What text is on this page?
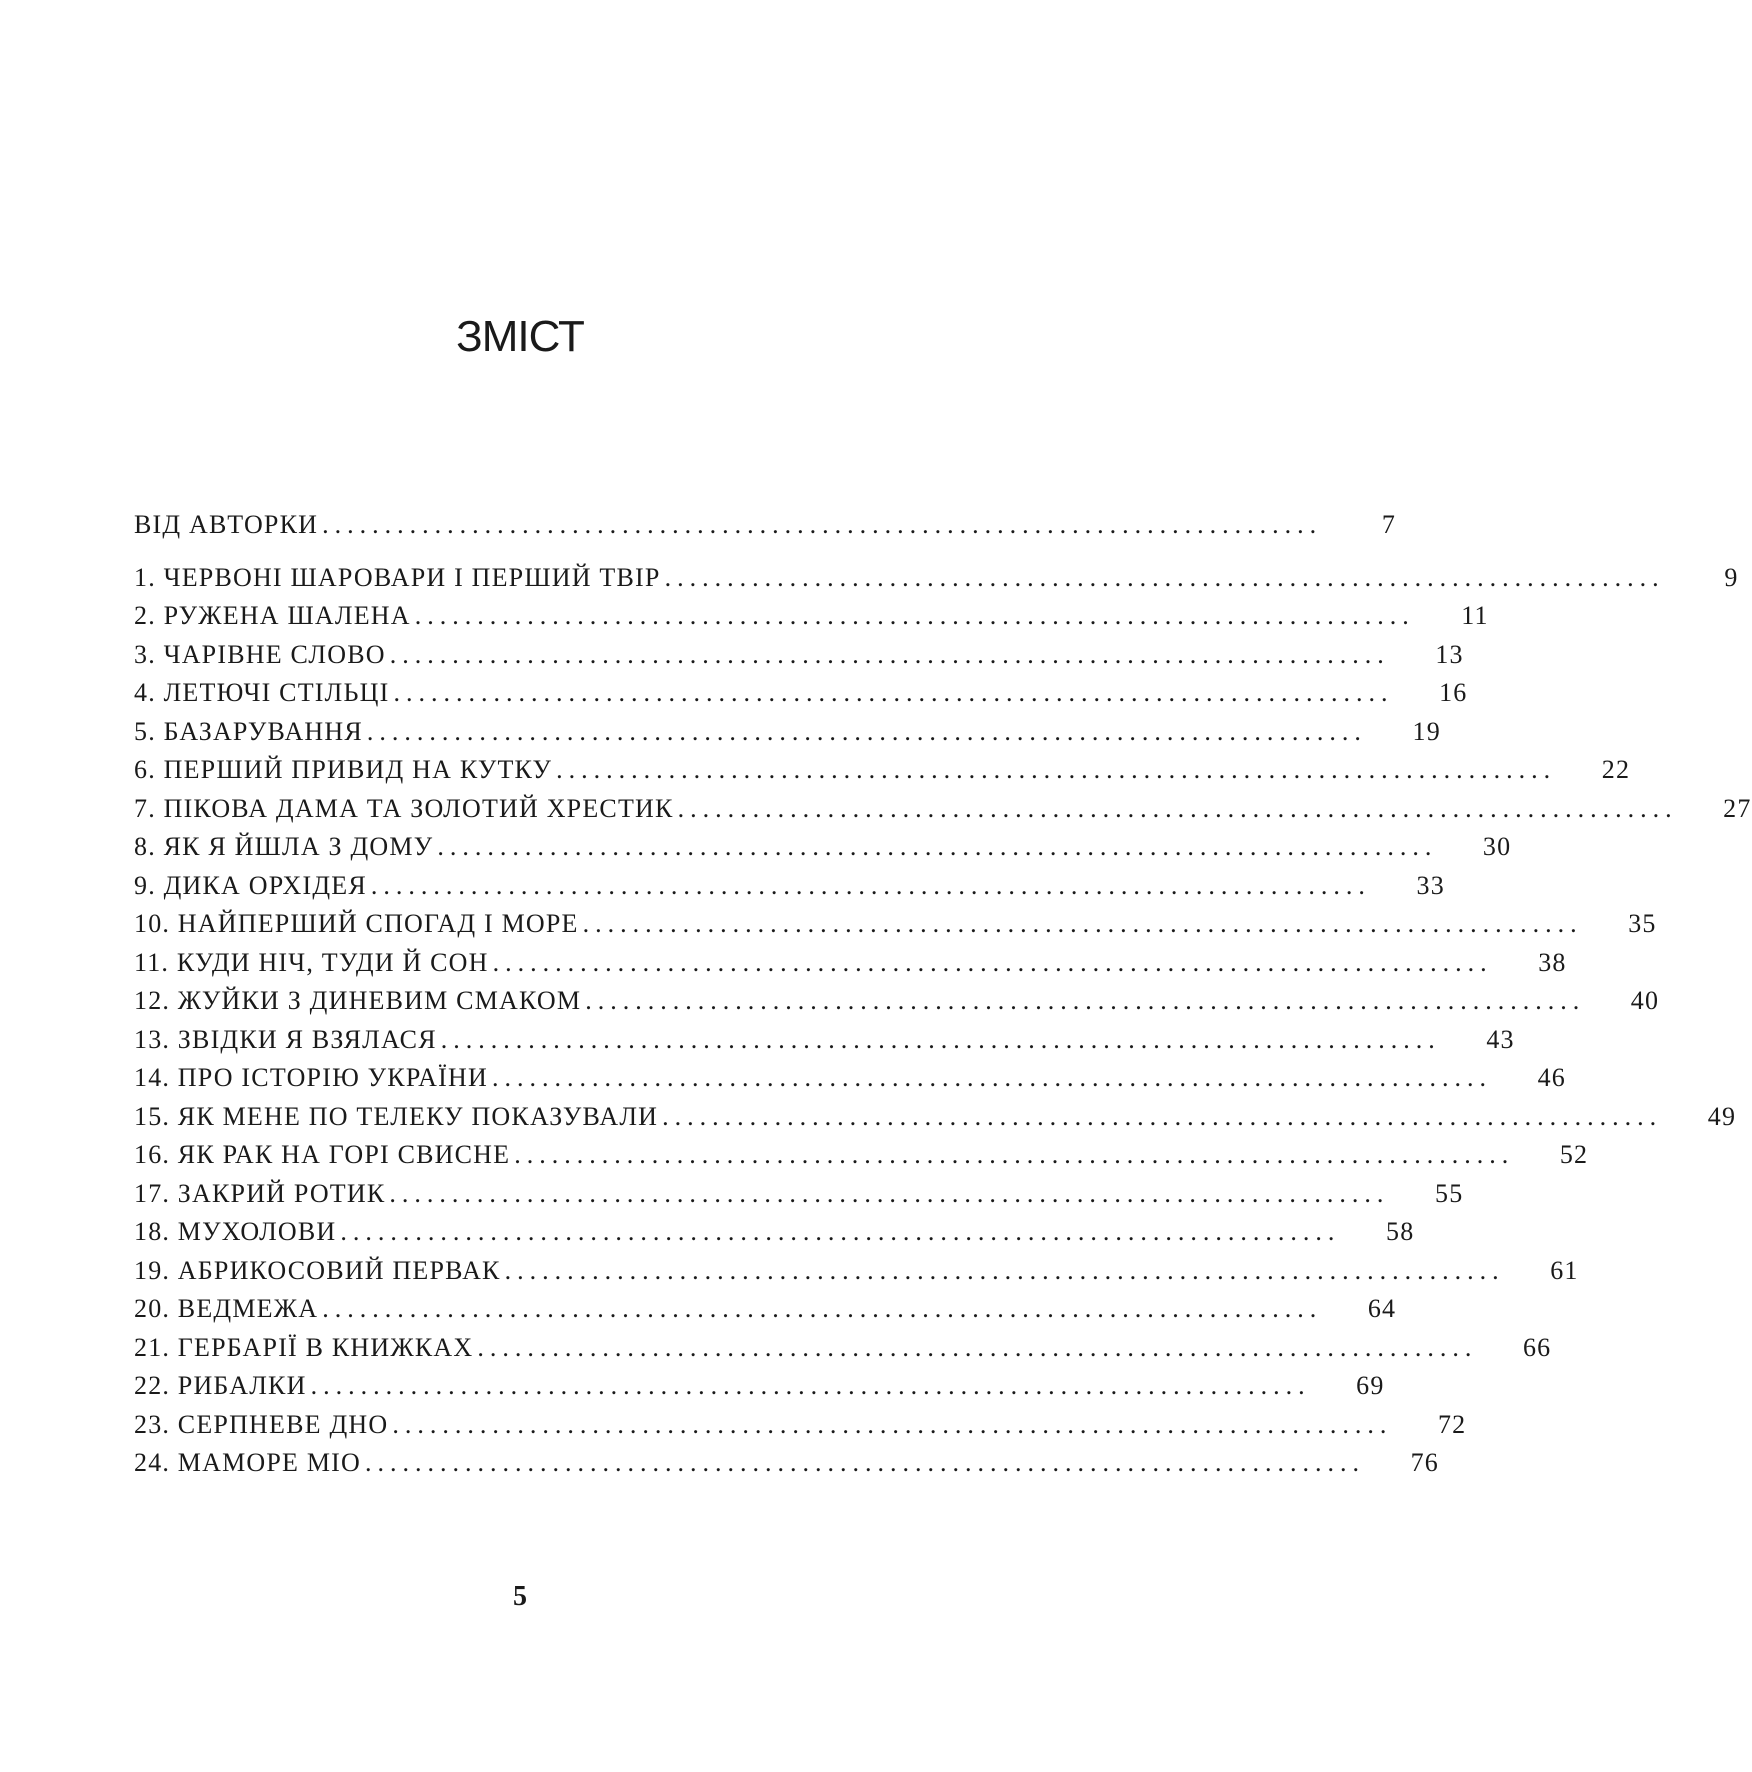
ЗМІСТ
ВІД АВТОРКИ ................................................................................	7
1. ЧЕРВОНІ ШАРОВАРИ І ПЕРШИЙ ТВІР ................................................................................	9
2. РУЖЕНА ШАЛЕНА ................................................................................	11
3. ЧАРІВНЕ СЛОВО ................................................................................	13
4. ЛЕТЮЧІ СТІЛЬЦІ ................................................................................	16
5. БАЗАРУВАННЯ ................................................................................	19
6. ПЕРШИЙ ПРИВИД НА КУТКУ ................................................................................	22
7. ПІКОВА ДАМА ТА ЗОЛОТИЙ ХРЕСТИК ................................................................................	27
8. ЯК Я ЙШЛА З ДОМУ ................................................................................	30
9. ДИКА ОРХІДЕЯ ................................................................................	33
10. НАЙПЕРШИЙ СПОГАД І МОРЕ ................................................................................	35
11. КУДИ НІЧ, ТУДИ Й СОН ................................................................................	38
12. ЖУЙКИ З ДИНЕВИМ СМАКОМ ................................................................................	40
13. ЗВІДКИ Я ВЗЯЛАСЯ ................................................................................	43
14. ПРО ІСТОРІЮ УКРАЇНИ ................................................................................	46
15. ЯК МЕНЕ ПО ТЕЛЕКУ ПОКАЗУВАЛИ ................................................................................	49
16. ЯК РАК НА ГОРІ СВИСНЕ ................................................................................	52
17. ЗАКРИЙ РОТИК ................................................................................	55
18. МУХОЛОВИ ................................................................................	58
19. АБРИКОСОВИЙ ПЕРВАК ................................................................................	61
20. ВЕДМЕЖА ................................................................................	64
21. ГЕРБАРІЇ В КНИЖКАХ ................................................................................	66
22. РИБАЛКИ ................................................................................	69
23. СЕРПНЕВЕ ДНО ................................................................................	72
24. МАМОРЕ МІО ................................................................................	76
5
